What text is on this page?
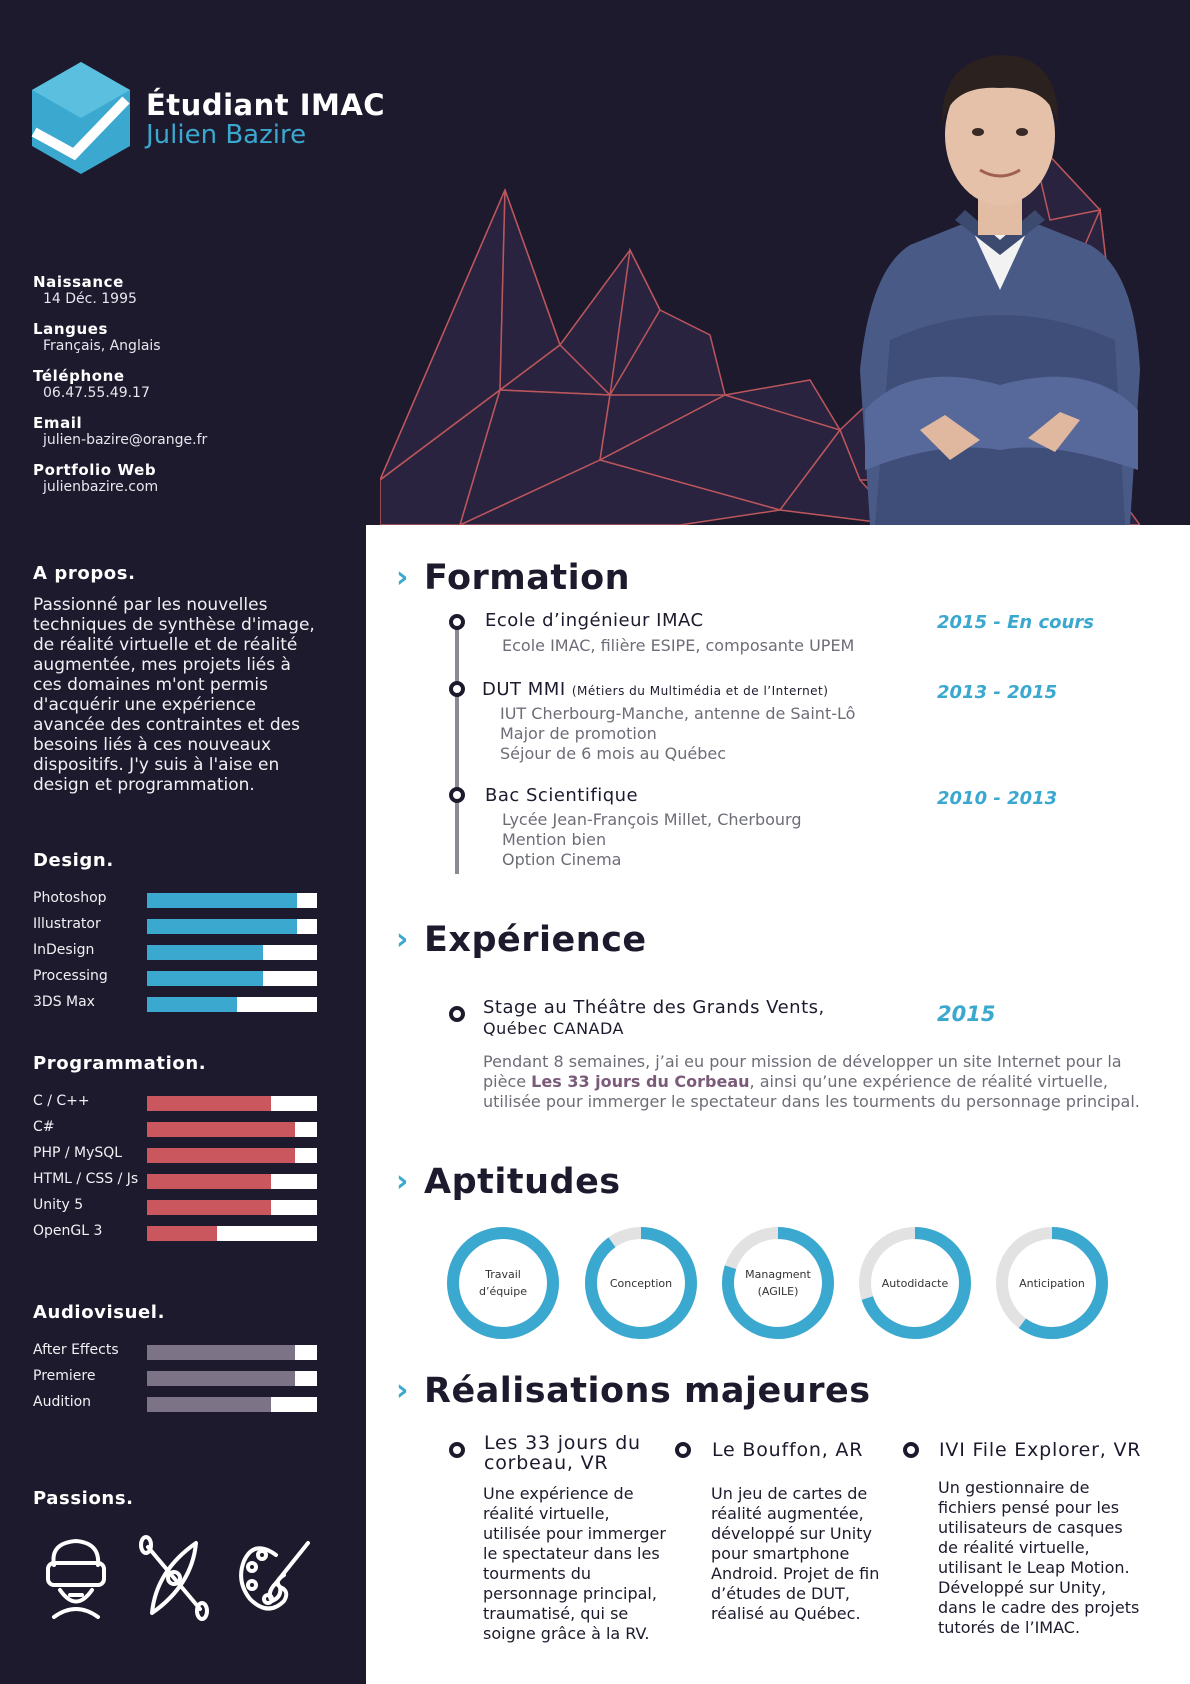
Étudiant IMAC
Julien Bazire
Naissance
14 Déc. 1995
Langues
Français, Anglais
Téléphone
06.47.55.49.17
Email
julien-bazire@orange.fr
Portfolio Web
julienbazire.com
A propos.
Passionné par les nouvelles techniques de synthèse d'image, de réalité virtuelle et de réalité augmentée, mes projets liés à ces domaines m'ont permis d'acquérir une expérience avancée des contraintes et des besoins liés à ces nouveaux dispositifs. J'y suis à l'aise en design et programmation.
Design.
Photoshop
Illustrator
InDesign
Processing
3DS Max
Programmation.
C / C++
C#
PHP / MySQL
HTML / CSS / Js
Unity 5
OpenGL 3
Audiovisuel.
After Effects
Premiere
Audition
Passions.
› Formation
Ecole d’ingénieur IMAC
Ecole IMAC, filière ESIPE, composante UPEM
2015 - En cours
DUT MMI (Métiers du Multimédia et de l’Internet)
IUT Cherbourg-Manche, antenne de Saint-Lô
Major de promotion
Séjour de 6 mois au Québec
2013 - 2015
Bac Scientifique
Lycée Jean-François Millet, Cherbourg
Mention bien
Option Cinema
2010 - 2013
› Expérience
Stage au Théâtre des Grands Vents,
Québec CANADA
2015
Pendant 8 semaines, j’ai eu pour mission de développer un site Internet pour la pièce Les 33 jours du Corbeau, ainsi qu’une expérience de réalité virtuelle, utilisée pour immerger le spectateur dans les tourments du personnage principal.
› Aptitudes
Travail
d’équipe
Conception
Managment
(AGILE)
Autodidacte	Anticipation
› Réalisations majeures
Les 33 jours du
corbeau, VR
Une expérience de
réalité virtuelle,
utilisée pour immerger
le spectateur dans les
tourments du
personnage principal,
traumatisé, qui se
soigne grâce à la RV.
Le Bouffon, AR
Un jeu de cartes de
réalité augmentée,
développé sur Unity
pour smartphone
Android. Projet de fin
d’études de DUT,
réalisé au Québec.
IVI File Explorer, VR
Un gestionnaire de
fichiers pensé pour les
utilisateurs de casques
de réalité virtuelle,
utilisant le Leap Motion.
Développé sur Unity,
dans le cadre des projets
tutorés de l’IMAC.
